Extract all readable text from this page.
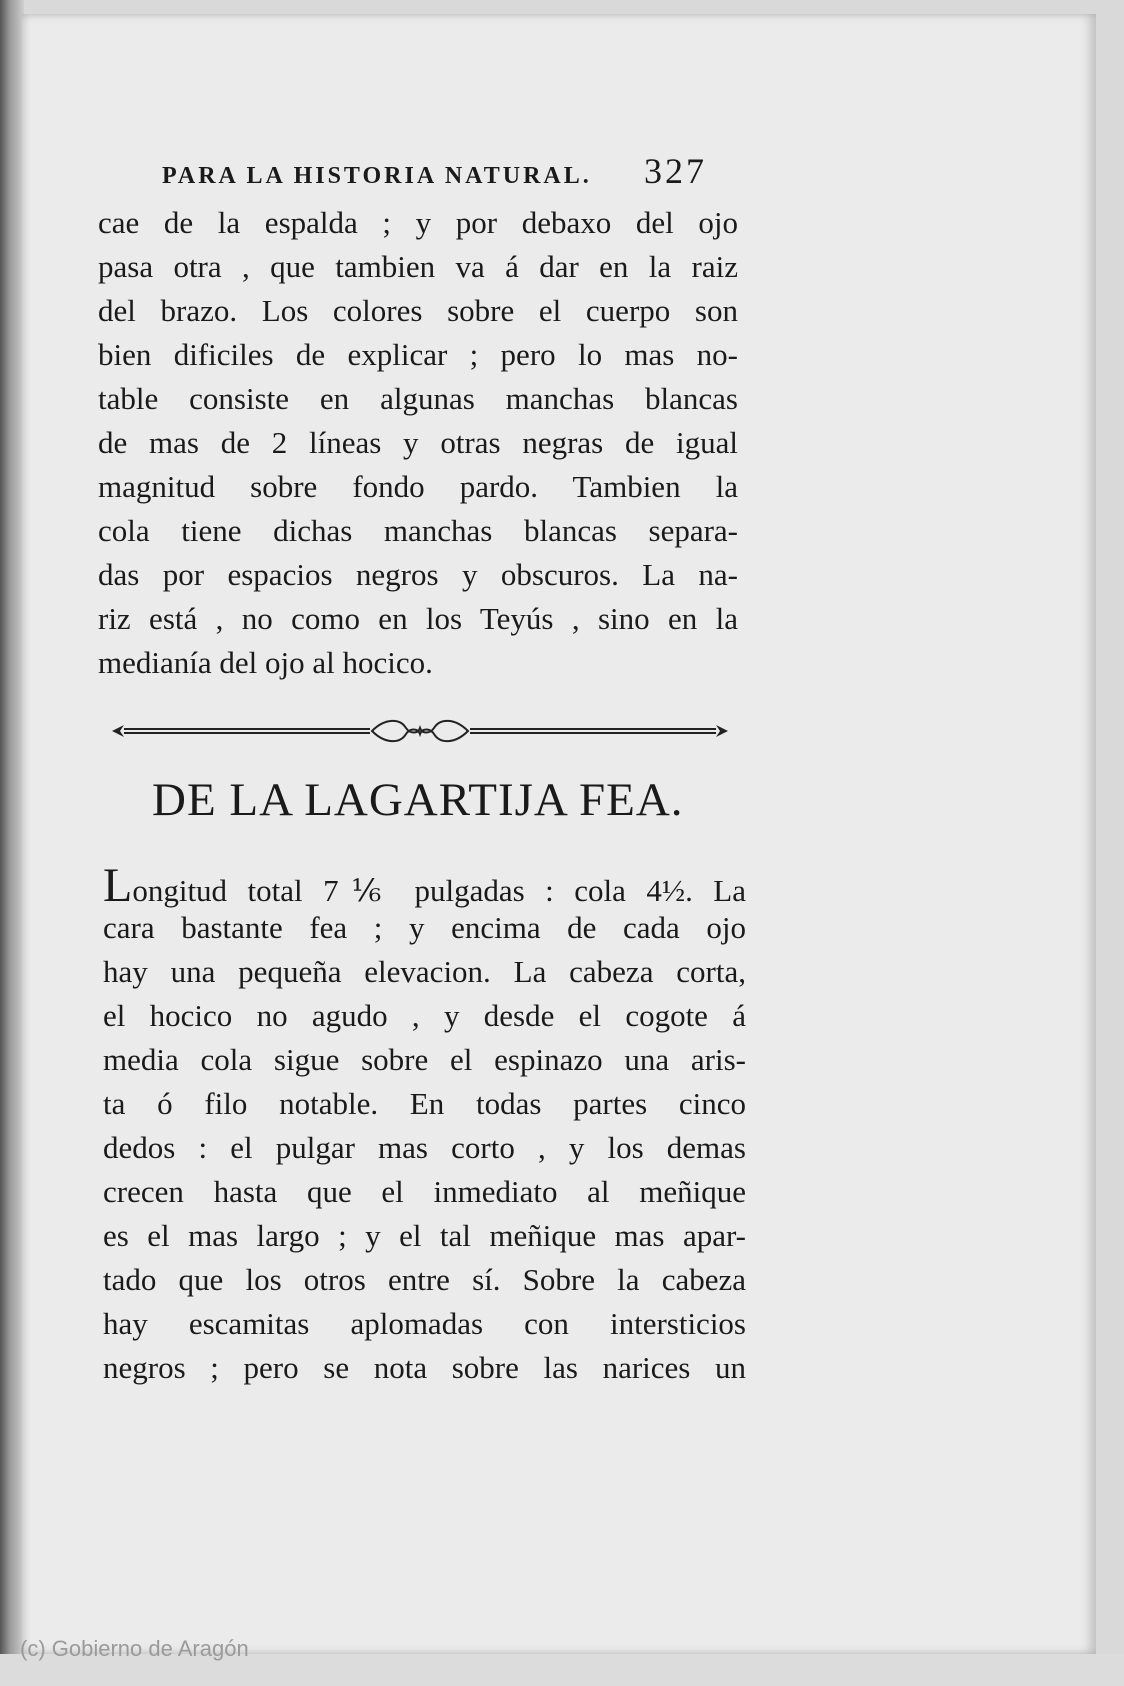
PARA LA HISTORIA NATURAL. 327
cae de la espalda ; y por debaxo del ojo
pasa otra , que tambien va á dar en la raiz
del brazo. Los colores sobre el cuerpo son
bien dificiles de explicar ; pero lo mas no-
table consiste en algunas manchas blancas
de mas de 2 líneas y otras negras de igual
magnitud sobre fondo pardo. Tambien la
cola tiene dichas manchas blancas separa-
das por espacios negros y obscuros. La na-
riz está , no como en los Teyús , sino en la
medianía del ojo al hocico.
DE LA LAGARTIJA FEA.
Longitud total 7⅙ pulgadas : cola 4½. La
cara bastante fea ; y encima de cada ojo
hay una pequeña elevacion. La cabeza corta,
el hocico no agudo , y desde el cogote á
media cola sigue sobre el espinazo una aris-
ta ó filo notable. En todas partes cinco
dedos : el pulgar mas corto , y los demas
crecen hasta que el inmediato al meñique
es el mas largo ; y el tal meñique mas apar-
tado que los otros entre sí. Sobre la cabeza
hay escamitas aplomadas con intersticios
negros ; pero se nota sobre las narices un
(c) Gobierno de Aragón
